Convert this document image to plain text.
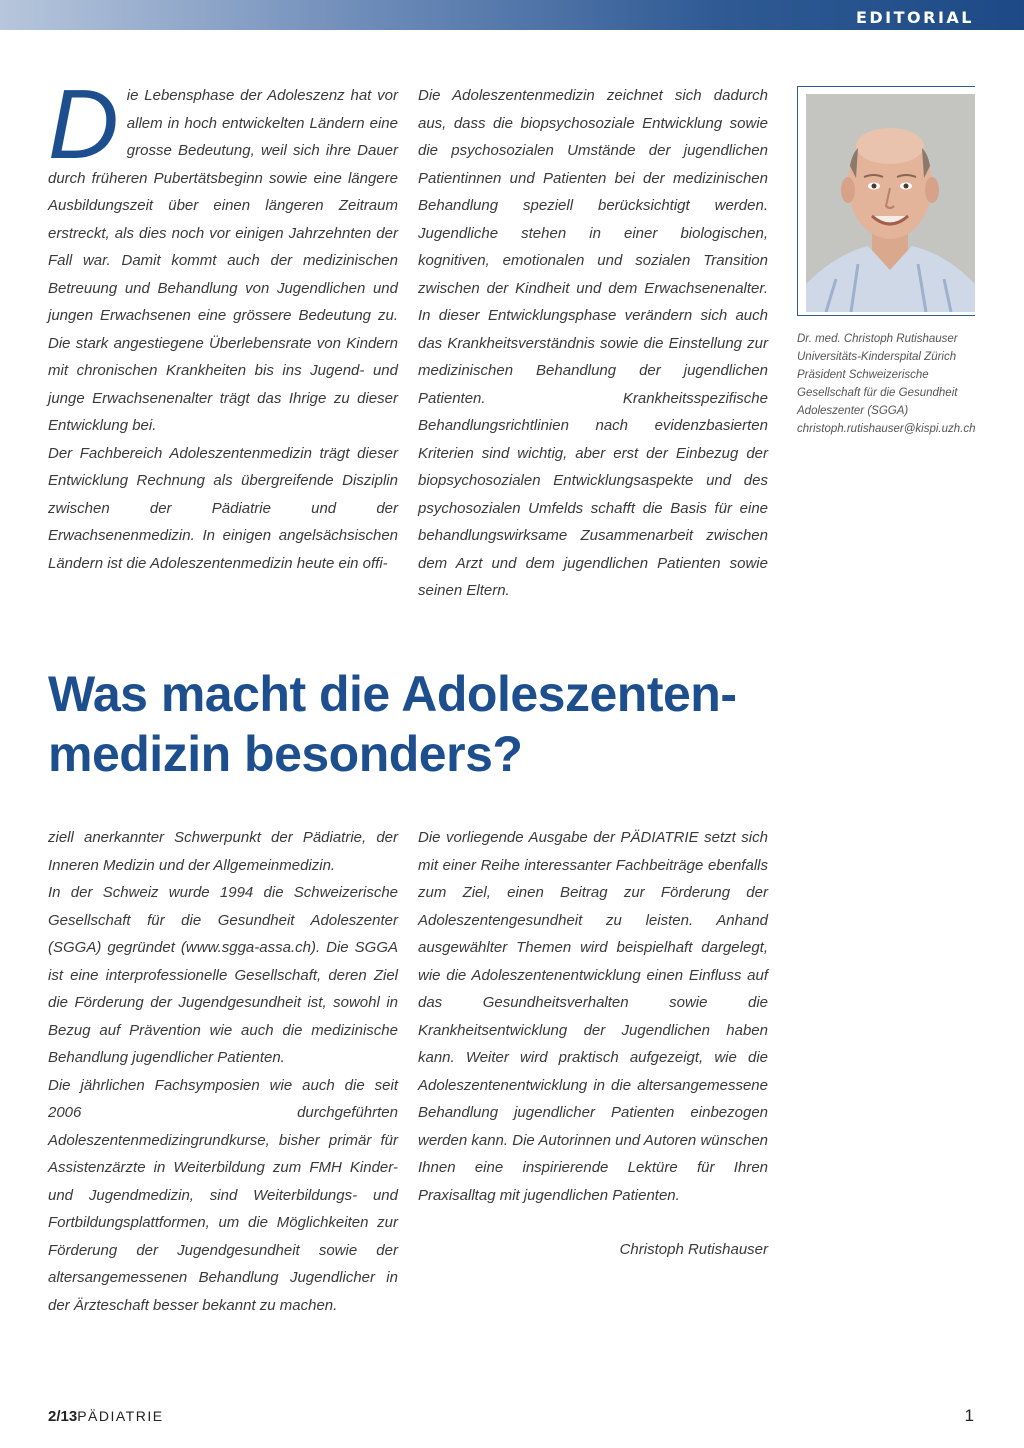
EDITORIAL

Die Lebensphase der Adoleszenz hat vor allem in hoch entwickelten Ländern eine grosse Bedeutung, weil sich ihre Dauer durch früheren Pubertätsbeginn sowie eine längere Ausbildungszeit über einen längeren Zeitraum erstreckt, als dies noch vor einigen Jahrzehnten der Fall war. Damit kommt auch der medizinischen Betreuung und Behandlung von Jugendlichen und jungen Erwachsenen eine grössere Bedeutung zu. Die stark angestiegene Überlebensrate von Kindern mit chronischen Krankheiten bis ins Jugend- und junge Erwachsenenalter trägt das Ihrige zu dieser Entwicklung bei.

Der Fachbereich Adoleszentenmedizin trägt dieser Entwicklung Rechnung als übergreifende Disziplin zwischen der Pädiatrie und der Erwachsenenmedizin. In einigen angelsächsischen Ländern ist die Adoleszentenmedizin heute ein offi-

Die Adoleszentenmedizin zeichnet sich dadurch aus, dass die biopsychosoziale Entwicklung sowie die psychosozialen Umstände der jugendlichen Patientinnen und Patienten bei der medizinischen Behandlung speziell berücksichtigt werden. Jugendliche stehen in einer biologischen, kognitiven, emotionalen und sozialen Transition zwischen der Kindheit und dem Erwachsenenalter. In dieser Entwicklungsphase verändern sich auch das Krankheitsverständnis sowie die Einstellung zur medizinischen Behandlung der jugendlichen Patienten. Krankheitsspezifische Behandlungsrichtlinien nach evidenzbasierten Kriterien sind wichtig, aber erst der Einbezug der biopsychosozialen Entwicklungsaspekte und des psychosozialen Umfelds schafft die Basis für eine behandlungswirksame Zusammenarbeit zwischen dem Arzt und dem jugendlichen Patienten sowie seinen Eltern.

Dr. med. Christoph Rutishauser
Universitäts-Kinderspital Zürich
Präsident Schweizerische
Gesellschaft für die Gesundheit
Adoleszenter (SGGA)
christoph.rutishauser@kispi.uzh.ch
Was macht die Adoleszenten-
medizin besonders?

ziell anerkannter Schwerpunkt der Pädiatrie, der Inneren Medizin und der Allgemeinmedizin.

In der Schweiz wurde 1994 die Schweizerische Gesellschaft für die Gesundheit Adoleszenter (SGGA) gegründet (www.sgga-assa.ch). Die SGGA ist eine interprofessionelle Gesellschaft, deren Ziel die Förderung der Jugendgesundheit ist, sowohl in Bezug auf Prävention wie auch die medizinische Behandlung jugendlicher Patienten.

Die jährlichen Fachsymposien wie auch die seit 2006 durchgeführten Adoleszentenmedizingrundkurse, bisher primär für Assistenzärzte in Weiterbildung zum FMH Kinder- und Jugendmedizin, sind Weiterbildungs- und Fortbildungsplattformen, um die Möglichkeiten zur Förderung der Jugendgesundheit sowie der altersangemessenen Behandlung Jugendlicher in der Ärzteschaft besser bekannt zu machen.

Die vorliegende Ausgabe der PÄDIATRIE setzt sich mit einer Reihe interessanter Fachbeiträge ebenfalls zum Ziel, einen Beitrag zur Förderung der Adoleszentengesundheit zu leisten. Anhand ausgewählter Themen wird beispielhaft dargelegt, wie die Adoleszentenentwicklung einen Einfluss auf das Gesundheitsverhalten sowie die Krankheitsentwicklung der Jugendlichen haben kann. Weiter wird praktisch aufgezeigt, wie die Adoleszentenentwicklung in die altersangemessene Behandlung jugendlicher Patienten einbezogen werden kann. Die Autorinnen und Autoren wünschen Ihnen eine inspirierende Lektüre für Ihren Praxisalltag mit jugendlichen Patienten.

Christoph Rutishauser

2/13PÄDIATRIE	1
